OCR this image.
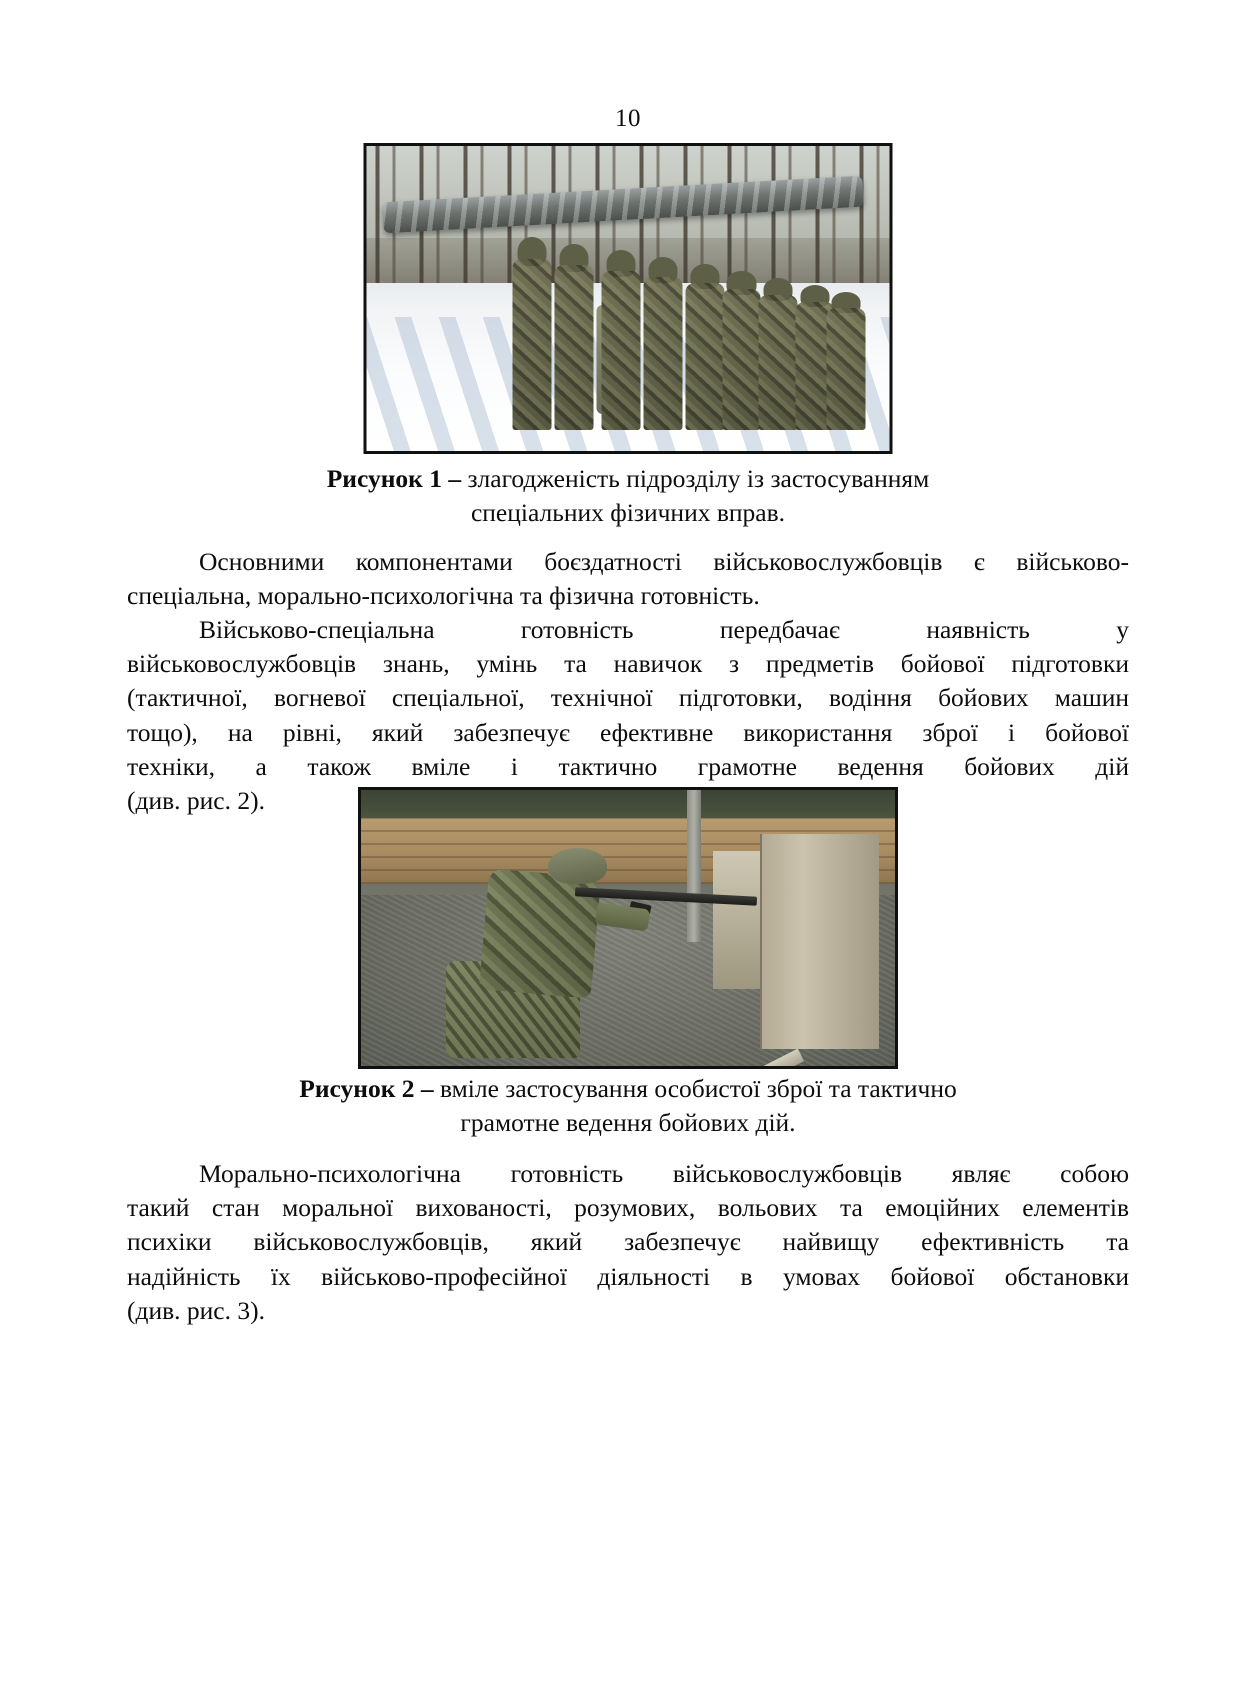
10
Рисунок 1 – злагодженість підрозділу із застосуванням
спеціальних фізичних вправ.
Основними компонентами боєздатності військовослужбовців є військово-
спеціальна, морально-психологічна та фізична готовність.
Військово-спеціальна готовність передбачає наявність у
військовослужбовців знань, умінь та навичок з предметів бойової підготовки
(тактичної, вогневої спеціальної, технічної підготовки, водіння бойових машин
тощо), на рівні, який забезпечує ефективне використання зброї і бойової
техніки, а також вміле і тактично грамотне ведення бойових дій
(див. рис. 2).
Рисунок 2 – вміле застосування особистої зброї та тактично
грамотне ведення бойових дій.
Морально-психологічна готовність військовослужбовців являє собою
такий стан моральної вихованості, розумових, вольових та емоційних елементів
психіки військовослужбовців, який забезпечує найвищу ефективність та
надійність їх військово-професійної діяльності в умовах бойової обстановки
(див. рис. 3).
